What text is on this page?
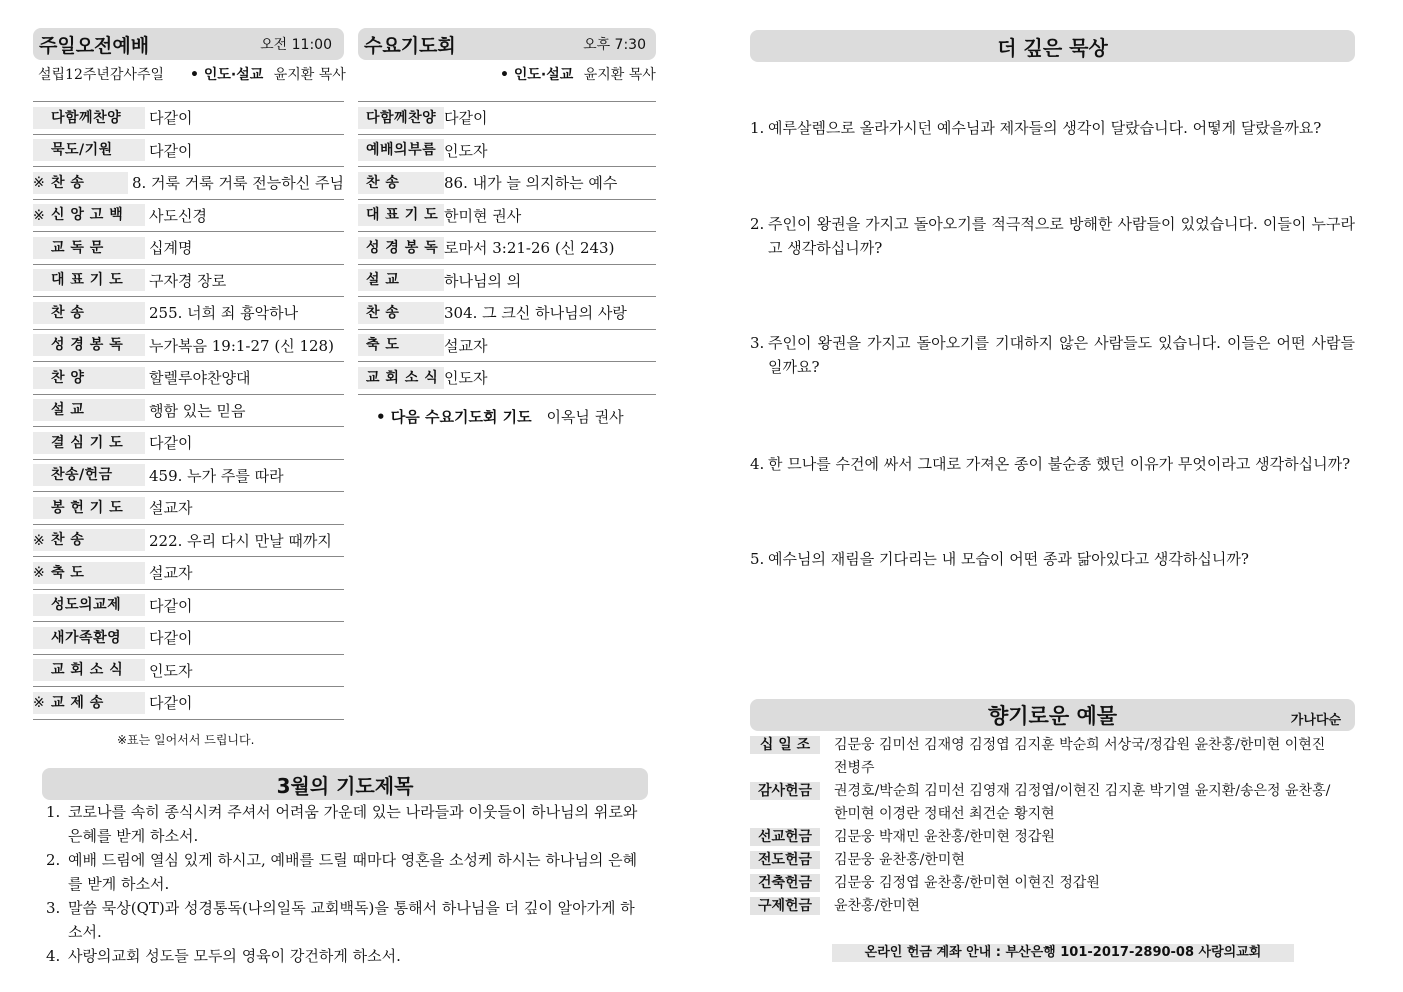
주일오전예배	오전 11:00
설립12주년감사주일 • 인도·설교 윤지환 목사
다함께찬양	다같이
묵도/기원	다같이
※ 찬 송	8. 거룩 거룩 거룩 전능하신 주님
※ 신 앙 고 백	사도신경
교 독 문	십계명
대 표 기 도	구자경 장로
찬 송	255. 너희 죄 흉악하나
성 경 봉 독	누가복음 19:1-27 (신 128)
찬 양	할렐루야찬양대
설 교	행함 있는 믿음
결 심 기 도	다같이
찬송/헌금	459. 누가 주를 따라
봉 헌 기 도	설교자
※ 찬 송	222. 우리 다시 만날 때까지
※ 축 도	설교자
성도의교제	다같이
새가족환영	다같이
교 회 소 식	인도자
※ 교 제 송	다같이
※표는 일어서서 드립니다.
수요기도회	오후 7:30
• 인도·설교 윤지환 목사
다함께찬양 다같이
예배의부름 인도자
찬 송	86. 내가 늘 의지하는 예수
대 표 기 도 한미현 권사
성 경 봉 독 로마서 3:21-26 (신 243)
설 교	하나님의 의
찬 송	304. 그 크신 하나님의 사랑
축 도	설교자
교 회 소 식 인도자
• 다음 수요기도회 기도 이옥님 권사
3월의 기도제목
1. 코로나를 속히 종식시켜 주셔서 어려움 가운데 있는 나라들과 이웃들이 하나님의 위로와 은혜를 받게 하소서.
2. 예배 드림에 열심 있게 하시고, 예배를 드릴 때마다 영혼을 소성케 하시는 하나님의 은혜를 받게 하소서.
3. 말씀 묵상(QT)과 성경통독(나의일독 교회백독)을 통해서 하나님을 더 깊이 알아가게 하소서.
4. 사랑의교회 성도들 모두의 영육이 강건하게 하소서.
더 깊은 묵상
향기로운 예물	가나다순
십 일 조	김문웅 김미선 김재영 김정엽 김지훈 박순희 서상국/정갑원 윤찬홍/한미현 이현진 전병주
감사헌금	권경호/박순희 김미선 김영재 김정엽/이현진 김지훈 박기열 윤지환/송은정 윤찬홍/한미현 이경란 정태선 최건순 황지현
선교헌금	김문웅 박재민 윤찬홍/한미현 정갑원
전도헌금	김문웅 윤찬홍/한미현
건축헌금	김문웅 김정엽 윤찬홍/한미현 이현진 정갑원
구제헌금	윤찬홍/한미현
온라인 헌금 계좌 안내 : 부산은행 101-2017-2890-08 사랑의교회
1. 예루살렘으로 올라가시던 예수님과 제자들의 생각이 달랐습니다. 어떻게 달랐을까요?
2. 주인이 왕권을 가지고 돌아오기를 적극적으로 방해한 사람들이 있었습니다. 이들이 누구라고 생각하십니까?
3. 주인이 왕권을 가지고 돌아오기를 기대하지 않은 사람들도 있습니다. 이들은 어떤 사람들일까요?
4. 한 므나를 수건에 싸서 그대로 가져온 종이 불순종 했던 이유가 무엇이라고 생각하십니까?
5. 예수님의 재림을 기다리는 내 모습이 어떤 종과 닮아있다고 생각하십니까?
